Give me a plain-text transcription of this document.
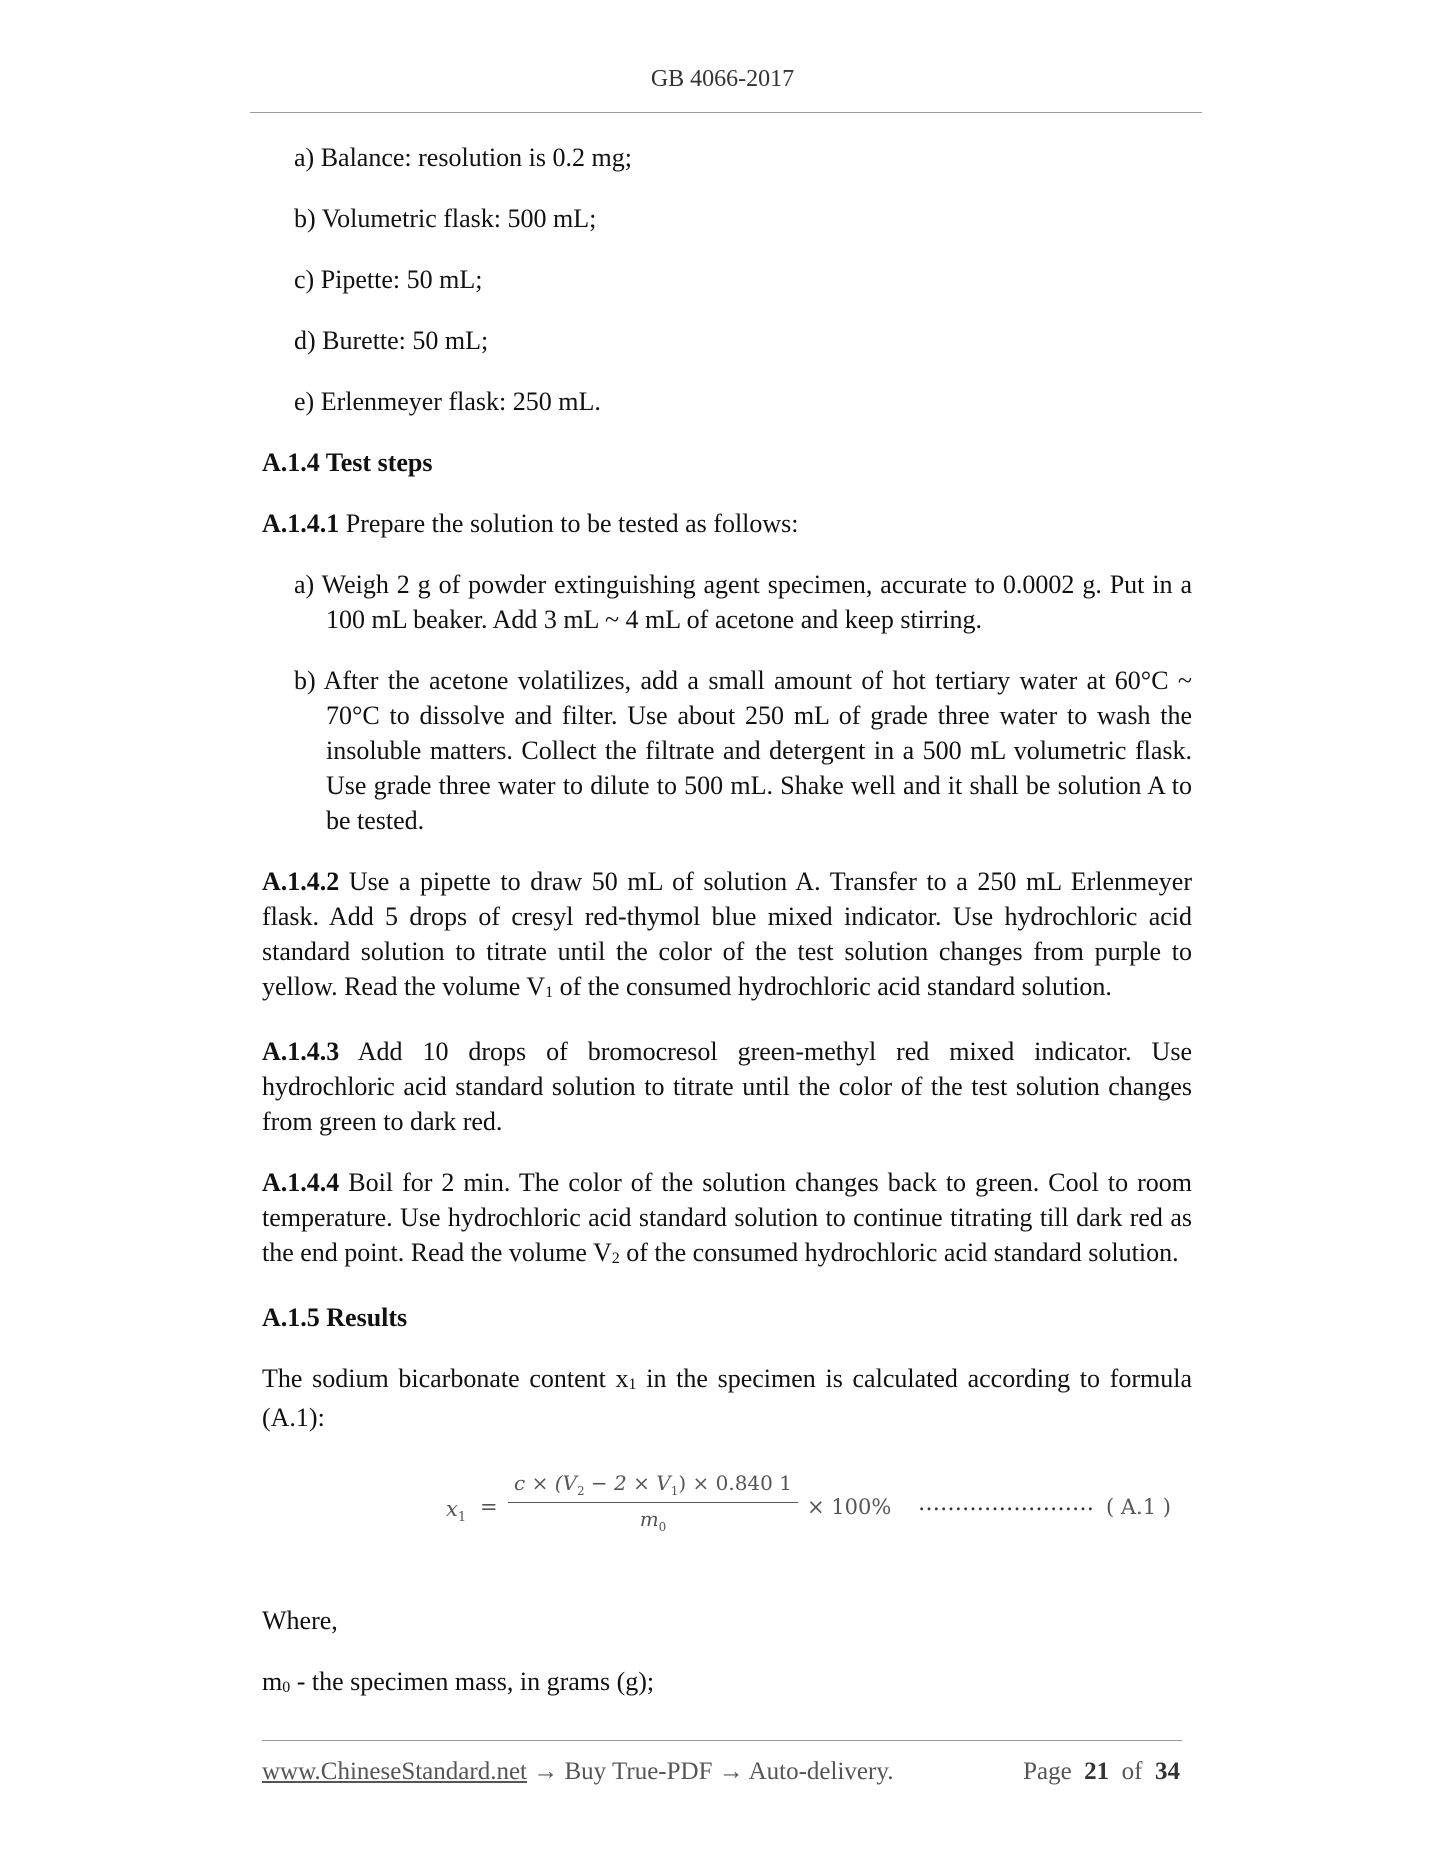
GB 4066-2017

a) Balance: resolution is 0.2 mg;

b) Volumetric flask: 500 mL;

c) Pipette: 50 mL;

d) Burette: 50 mL;

e) Erlenmeyer flask: 250 mL.

A.1.4 Test steps

A.1.4.1 Prepare the solution to be tested as follows:

a) Weigh 2 g of powder extinguishing agent specimen, accurate to 0.0002 g. Put in a 100 mL beaker. Add 3 mL ~ 4 mL of acetone and keep stirring.

b) After the acetone volatilizes, add a small amount of hot tertiary water at 60°C ~ 70°C to dissolve and filter. Use about 250 mL of grade three water to wash the insoluble matters. Collect the filtrate and detergent in a 500 mL volumetric flask. Use grade three water to dilute to 500 mL. Shake well and it shall be solution A to be tested.

A.1.4.2 Use a pipette to draw 50 mL of solution A. Transfer to a 250 mL Erlenmeyer flask. Add 5 drops of cresyl red-thymol blue mixed indicator. Use hydrochloric acid standard solution to titrate until the color of the test solution changes from purple to yellow. Read the volume $V_1$ of the consumed hydrochloric acid standard solution.

A.1.4.3 Add 10 drops of bromocresol green-methyl red mixed indicator. Use hydrochloric acid standard solution to titrate until the color of the test solution changes from green to dark red.

A.1.4.4 Boil for 2 min. The color of the solution changes back to green. Cool to room temperature. Use hydrochloric acid standard solution to continue titrating till dark red as the end point. Read the volume $V_2$ of the consumed hydrochloric acid standard solution.

A.1.5 Results

The sodium bicarbonate content $x_1$ in the specimen is calculated according to formula (A.1):

$x_1$ =
$c \times (V_2 - 2 \times V_1) \times 0.840$ 1
$m_0$
× 100% …………………… ( A.1 )

Where,

$m_0$ - the specimen mass, in grams (g);

www.ChineseStandard.net → Buy True-PDF → Auto-delivery.	Page 21 of 34
